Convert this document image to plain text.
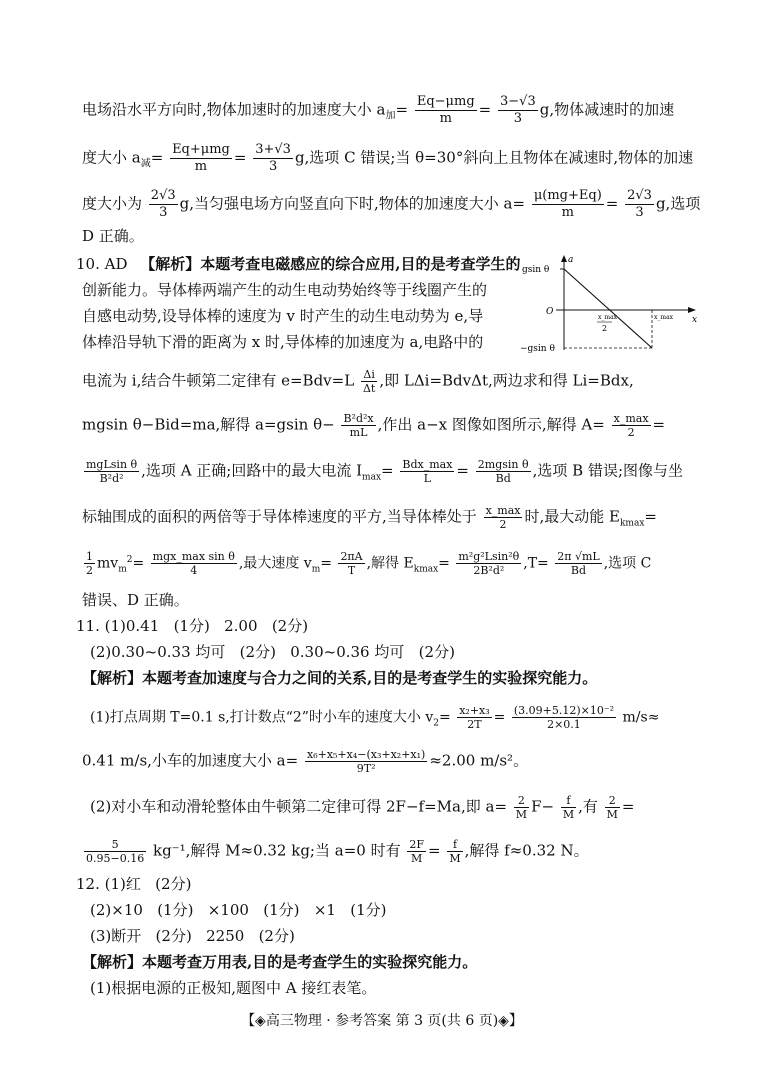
电场沿水平方向时,物体加速时的加速度大小 $a_加= \frac{\text{Eq−μmg}}{m} = \frac{3-√3}{3} g$,物体减速时的加速
度大小 $a_减= \frac{\text{Eq+μmg}}{m} = \frac{3+√3}{3} g$,选项 C 错误;当 θ=30°斜向上且物体在减速时,物体的加速
度大小为 $\frac{2√3}{3} g$,当匀强电场方向竖直向下时,物体的加速度大小 $a= \frac{\mu(mg+Eq)}{m} = \frac{2√3}{3} g$,选项
D 正确。
10. AD 【解析】本题考查电磁感应的综合应用,目的是考查学生的
创新能力。导体棒两端产生的动生电动势始终等于线圈产生的
自感电动势,设导体棒的速度为 v 时产生的动生电动势为 e,导
体棒沿导轨下滑的距离为 x 时,导体棒的加速度为 a,电路中的
电流为 i,结合牛顿第二定律有 $e=Bdv=L \frac{\Delta i}{\Delta t}$ ,即 LΔi=BdvΔt,两边求和得 Li=Bdx,
mgsin θ−Bid=ma,解得 a=gsin $\theta- \frac{\text{B²d²x}}{mL}$ ,作出 a−x 图像如图所示,解得 $A= \frac{x\_\max}{2}$ =
$\frac{\text{mgLsin θ}}{\text{B²d²}}$ ,选项 A 正确;回路中的最大电流 $I_{max}= \frac{\text{Bdx\_max}}{L} = \frac{\text{2mgsin θ}}{Bd}$ ,选项 B 错误;图像与坐
标轴围成的面积的两倍等于导体棒速度的平方,当导体棒处于 $\frac{x\_\max}{2}$ 时,最大动能 $E_{kmax}=$
$\frac{1}{2} mv_m^2= \frac{\text{mgx\_max sin θ}}{4}$ ,最大速度 $v_m= \frac{2\pi A}{T}$ ,解得 $E_{kmax}= \frac{\text{m²g²Lsin²θ}}{\text{2B²d²}} ,T= \frac{2\pi √mL}{Bd}$ ,选项 C
错误、D 正确。
gsin θ
a
O
x
−gsin θ
x_max
2
x_max
11. (1)0.41   (1分)   2.00   (2分)
(2)0.30~0.33 均可   (2分)   0.30~0.36 均可   (2分)
【解析】本题考查加速度与合力之间的关系,目的是考查学生的实验探究能力。
(1)打点周期 T=0.1 s,打计数点“2”时小车的速度大小 $v_2= \frac{\text{x₂+x₃}}{2T} = \frac{\text{(3.09+5.12)×10⁻²}}{2\times 0.1} m/s\approx$
0.41 m/s,小车的加速度大小 $a= \frac{\text{x₆+x₅+x₄−(x₃+x₂+x₁)}}{\text{9T²}} \approx 2.00$ m/s²。
(2)对小车和动滑轮整体由牛顿第二定律可得 2F−f=Ma,即 $a= \frac{2}{M} F- \frac{f}{M}$ ,有 $\frac{2}{M}$ =
$\frac{5}{0.95-0.16} kg^{-1}$,解得 M≈0.32 kg;当 a=0 时有 $\frac{2F}{M} = \frac{f}{M}$ ,解得 f≈0.32 N。
12. (1)红   (2分)
(2)×10   (1分)   ×100   (1分)   ×1   (1分)
(3)断开   (2分)   2250   (2分)
【解析】本题考查万用表,目的是考查学生的实验探究能力。
(1)根据电源的正极知,题图中 A 接红表笔。
【◈高三物理 · 参考答案 第 3 页(共 6 页)◈】
